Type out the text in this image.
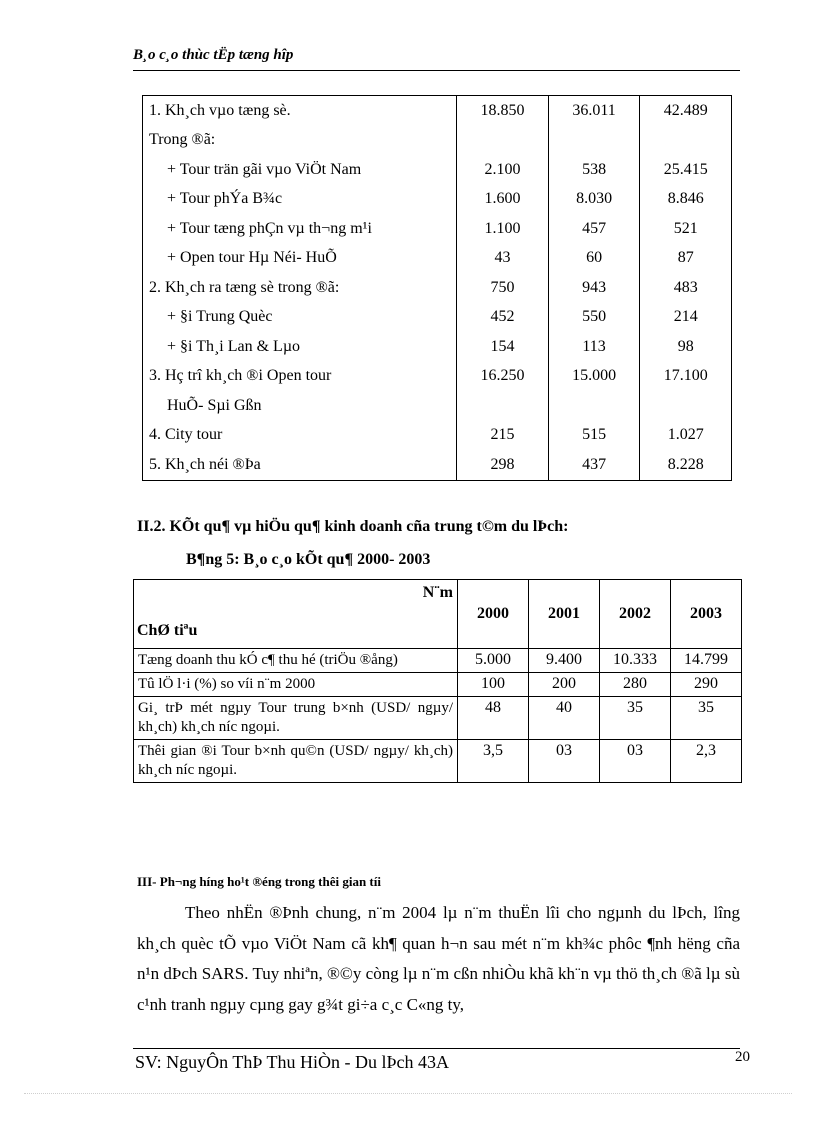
B¸o c¸o thùc tËp tæng hîp
1. Kh¸ch vµo tæng sè.	18.850	36.011	42.489
Trong ®ã:			
+ Tour trän gãi vµo ViÖt Nam	2.100	538	25.415
+ Tour phÝa B¾c	1.600	8.030	8.846
+ Tour tæng phÇn vµ th¬ng m¹i	1.100	457	521
+ Open tour Hµ Néi- HuÕ	43	60	87
2. Kh¸ch ra tæng sè trong ®ã:	750	943	483
+ §i Trung Quèc	452	550	214
+ §i Th¸i Lan & Lµo	154	113	98
3. Hç trî kh¸ch ®i Open tour	16.250	15.000	17.100
HuÕ- Sµi Gßn			
4. City tour	215	515	1.027
5. Kh¸ch néi ®Þa	298	437	8.228
II.2. KÕt qu¶ vµ hiÖu qu¶ kinh doanh cña trung t©m du lÞch:
B¶ng 5: B¸o c¸o kÕt qu¶ 2000- 2003
N¨m
ChØ tiªu	2000	2001	2002	2003
Tæng doanh thu kÓ c¶ thu hé (triÖu ®ång)	5.000	9.400	10.333	14.799
Tû lÖ l·i (%) so víi n¨m 2000	100	200	280	290
Gi¸ trÞ mét ngµy Tour trung b×nh (USD/ ngµy/ kh¸ch) kh¸ch níc ngoµi.	48	40	35	35
Thêi gian ®i Tour b×nh qu©n (USD/ ngµy/ kh¸ch) kh¸ch níc ngoµi.	3,5	03	03	2,3
III- Ph¬ng híng ho¹t ®éng trong thêi gian tíi
Theo nhËn ®Þnh chung, n¨m 2004 lµ n¨m thuËn lîi cho ngµnh du lÞch, lîng kh¸ch quèc tÕ vµo ViÖt Nam cã kh¶ quan h¬n sau mét n¨m kh¾c phôc ¶nh hëng cña n¹n dÞch SARS. Tuy nhiªn, ®©y còng lµ n¨m cßn nhiÒu khã kh¨n vµ thö th¸ch ®ã lµ sù c¹nh tranh ngµy cµng gay g¾t gi÷a c¸c C«ng ty,
SV: NguyÔn ThÞ Thu HiÒn - Du lÞch 43A	20
